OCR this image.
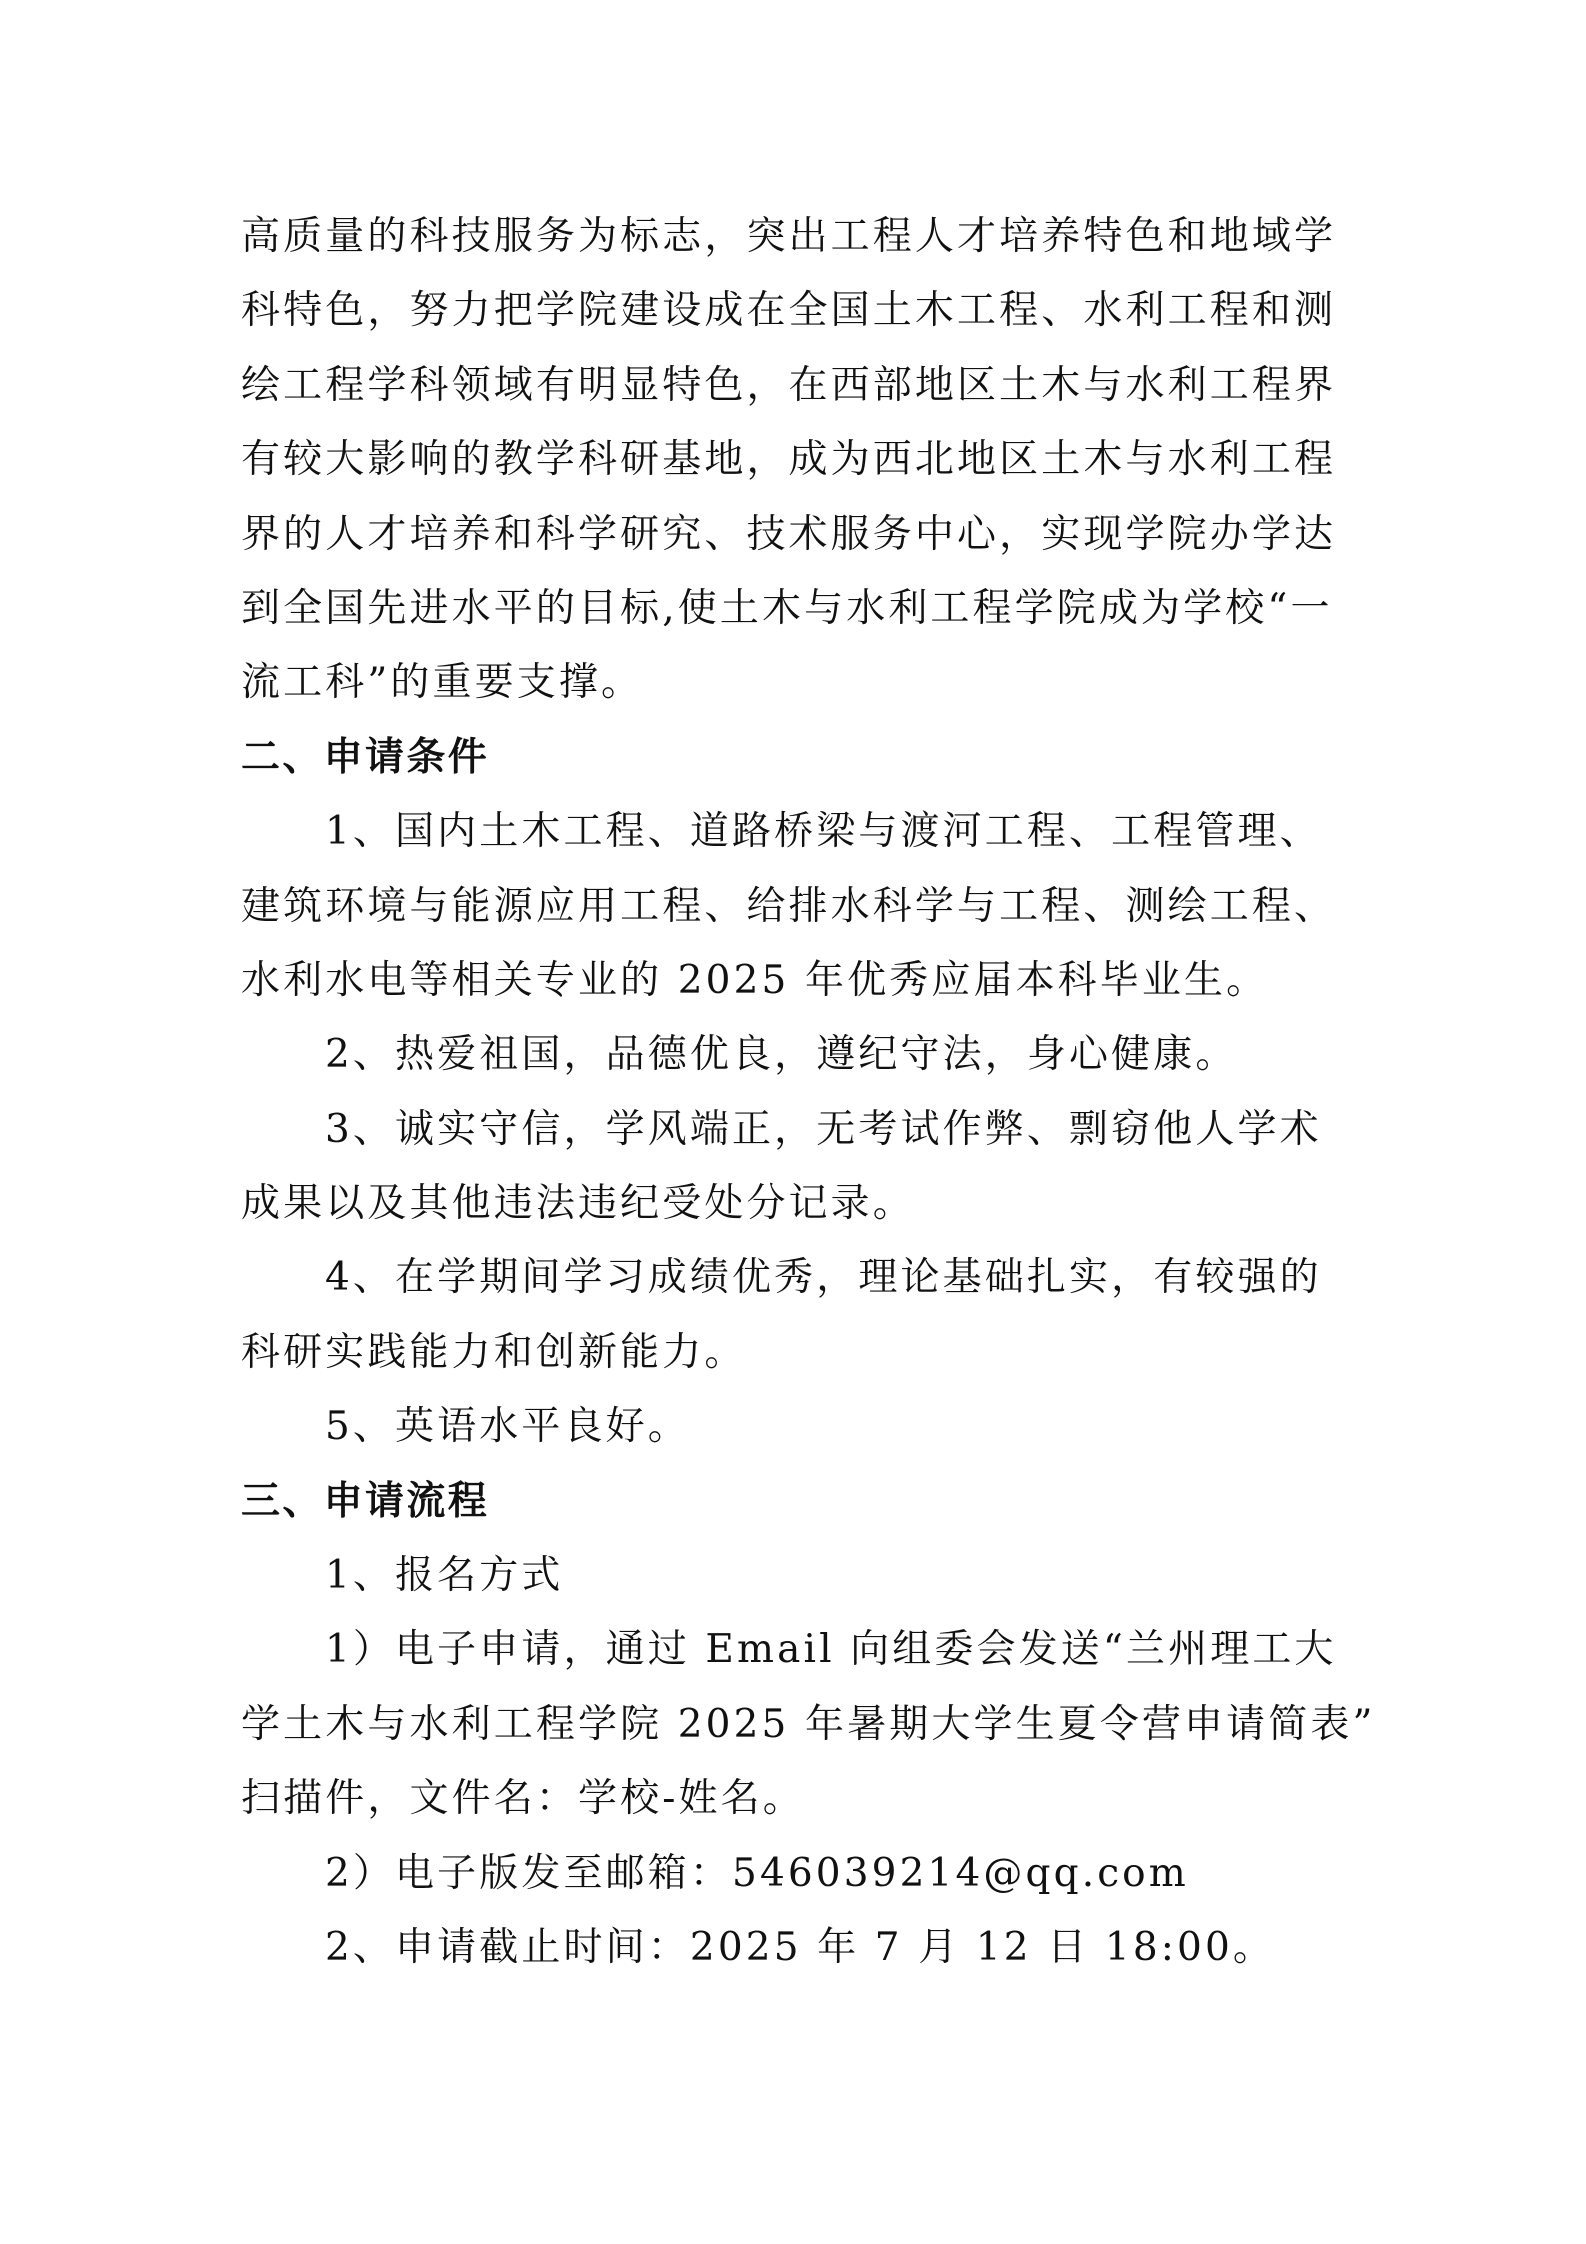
高质量的科技服务为标志，突出工程人才培养特色和地域学
科特色，努力把学院建设成在全国土木工程、水利工程和测
绘工程学科领域有明显特色，在西部地区土木与水利工程界
有较大影响的教学科研基地，成为西北地区土木与水利工程
界的人才培养和科学研究、技术服务中心，实现学院办学达
到全国先进水平的目标,使土木与水利工程学院成为学校“一
流工科”的重要支撑。
二、申请条件
1、国内土木工程、道路桥梁与渡河工程、工程管理、
建筑环境与能源应用工程、给排水科学与工程、测绘工程、
水利水电等相关专业的 2025 年优秀应届本科毕业生。
2、热爱祖国，品德优良，遵纪守法，身心健康。
3、诚实守信，学风端正，无考试作弊、剽窃他人学术
成果以及其他违法违纪受处分记录。
4、在学期间学习成绩优秀，理论基础扎实，有较强的
科研实践能力和创新能力。
5、英语水平良好。
三、申请流程
1、报名方式
1）电子申请，通过 Email 向组委会发送“兰州理工大
学土木与水利工程学院 2025 年暑期大学生夏令营申请简表”
扫描件，文件名：学校-姓名。
2）电子版发至邮箱：546039214@qq.com
2、申请截止时间：2025 年 7 月 12 日 18:00。
